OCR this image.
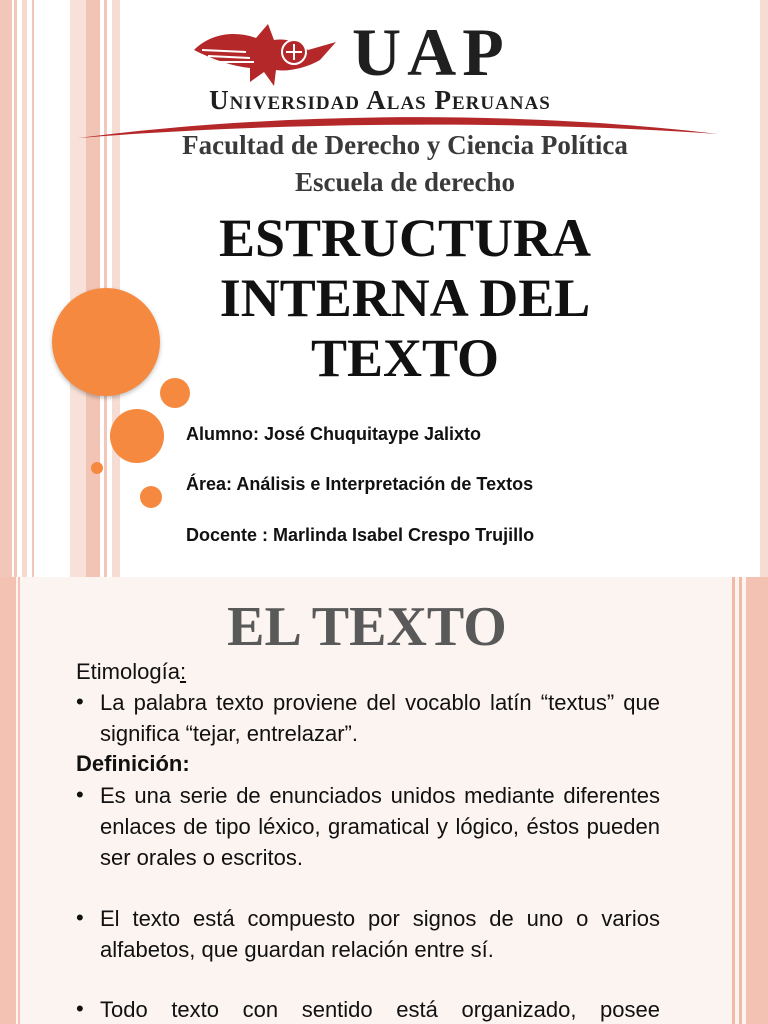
UAP
Universidad Alas Peruanas
Facultad de Derecho y Ciencia Política
Escuela de derecho
ESTRUCTURA
INTERNA DEL
TEXTO
Alumno: José Chuquitaype Jalixto
Área: Análisis e Interpretación de Textos
Docente : Marlinda Isabel Crespo Trujillo
EL TEXTO
Etimología:
• La palabra texto proviene del vocablo latín “textus” que significa “tejar, entrelazar”.
Definición:
• Es una serie de enunciados unidos mediante diferentes enlaces de tipo léxico, gramatical y lógico, éstos pueden ser orales o escritos.
• El texto está compuesto por signos de uno o varios alfabetos, que guardan relación entre sí.
• Todo texto con sentido está organizado, posee
